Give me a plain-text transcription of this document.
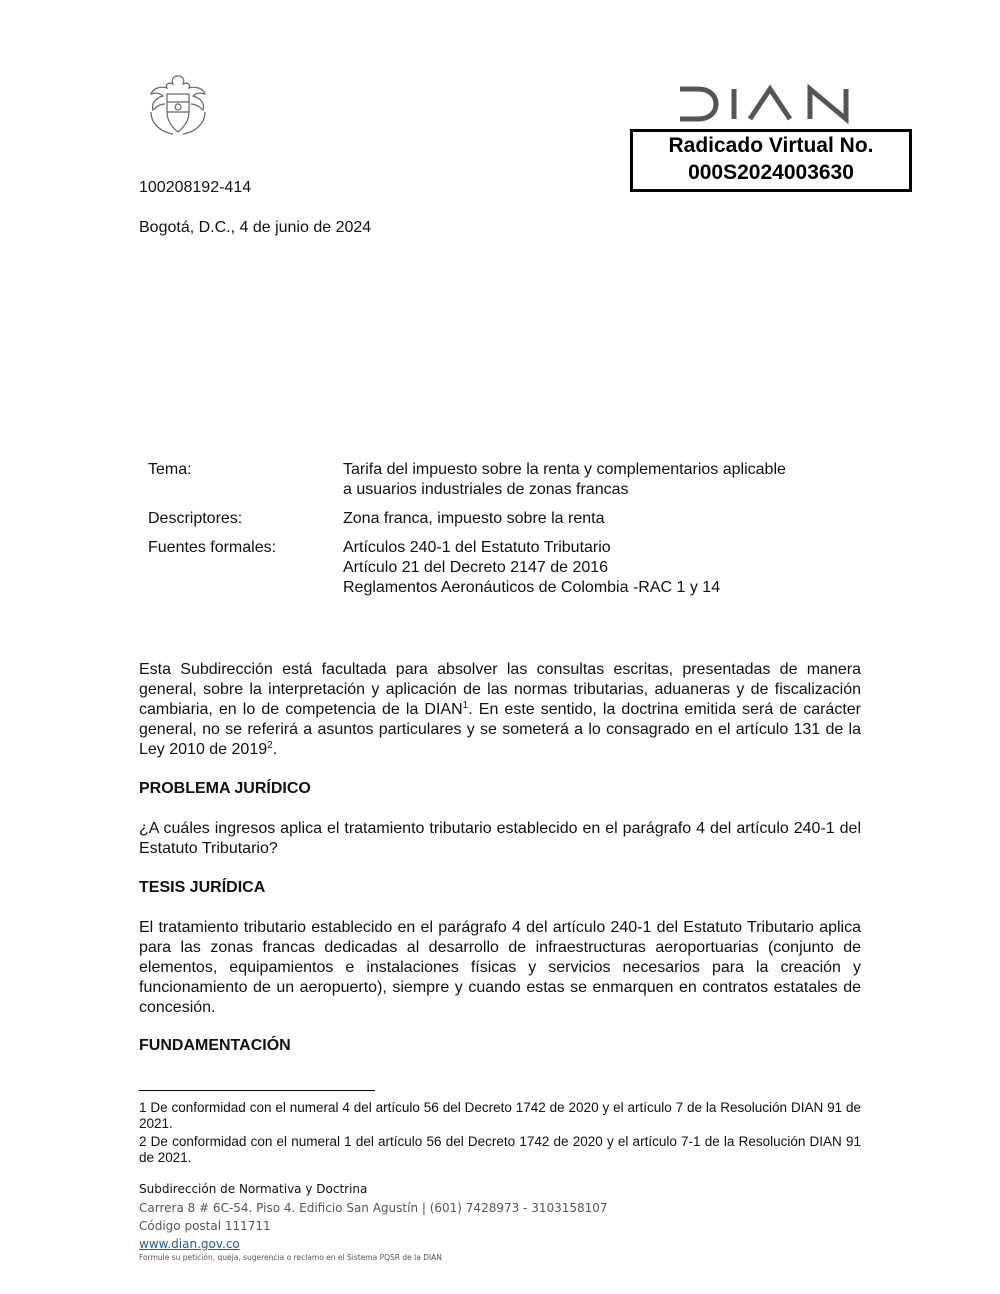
Radicado Virtual No.
000S2024003630
100208192-414
Bogotá, D.C., 4 de junio de 2024
Tema:	Tarifa del impuesto sobre la renta y complementarios aplicable
a usuarios industriales de zonas francas
Descriptores:	Zona franca, impuesto sobre la renta
Fuentes formales:	Artículos 240-1 del Estatuto Tributario
Artículo 21 del Decreto 2147 de 2016
Reglamentos Aeronáuticos de Colombia -RAC 1 y 14
Esta Subdirección está facultada para absolver las consultas escritas, presentadas de manera general, sobre la interpretación y aplicación de las normas tributarias, aduaneras y de fiscalización cambiaria, en lo de competencia de la DIAN$^1$. En este sentido, la doctrina emitida será de carácter general, no se referirá a asuntos particulares y se someterá a lo consagrado en el artículo 131 de la Ley 2010 de 2019$^2$.
PROBLEMA JURÍDICO
¿A cuáles ingresos aplica el tratamiento tributario establecido en el parágrafo 4 del artículo 240-1 del Estatuto Tributario?
TESIS JURÍDICA
El tratamiento tributario establecido en el parágrafo 4 del artículo 240-1 del Estatuto Tributario aplica para las zonas francas dedicadas al desarrollo de infraestructuras aeroportuarias (conjunto de elementos, equipamientos e instalaciones físicas y servicios necesarios para la creación y funcionamiento de un aeropuerto), siempre y cuando estas se enmarquen en contratos estatales de concesión.
FUNDAMENTACIÓN
1 De conformidad con el numeral 4 del artículo 56 del Decreto 1742 de 2020 y el artículo 7 de la Resolución DIAN 91 de 2021.
2 De conformidad con el numeral 1 del artículo 56 del Decreto 1742 de 2020 y el artículo 7-1 de la Resolución DIAN 91 de 2021.
Subdirección de Normativa y Doctrina
Carrera 8 # 6C-54. Piso 4. Edificio San Agustín | (601) 7428973 - 3103158107
Código postal 111711
www.dian.gov.co
Formule su petición, queja, sugerencia o reclamo en el Sistema PQSR de la DIAN
